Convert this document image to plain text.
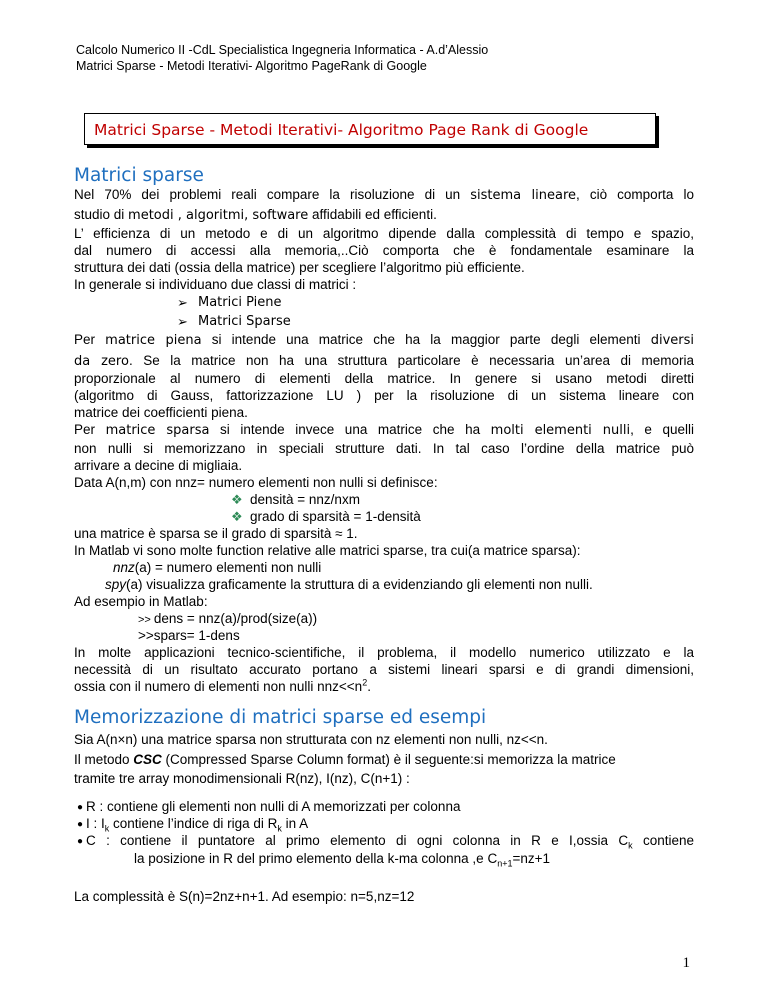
Calcolo Numerico II -CdL Specialistica Ingegneria Informatica - A.d’Alessio
Matrici Sparse - Metodi Iterativi- Algoritmo PageRank di Google
Matrici Sparse - Metodi Iterativi- Algoritmo Page Rank di Google
Matrici sparse
Nel 70% dei problemi reali compare la risoluzione di un sistema lineare, ciò comporta lo
studio di metodi , algoritmi, software affidabili ed efficienti.
L’ efficienza di un metodo e di un algoritmo dipende dalla complessità di tempo e spazio,
dal numero di accessi alla memoria,..Ciò comporta che è fondamentale esaminare la
struttura dei dati (ossia della matrice) per scegliere l’algoritmo più efficiente.
In generale si individuano due classi di matrici :
➢ Matrici Piene
➢ Matrici Sparse
Per matrice piena si intende una matrice che ha la maggior parte degli elementi diversi
da zero. Se la matrice non ha una struttura particolare è necessaria un’area di memoria
proporzionale al numero di elementi della matrice. In genere si usano metodi diretti
(algoritmo di Gauss, fattorizzazione LU ) per la risoluzione di un sistema lineare con
matrice dei coefficienti piena.
Per matrice sparsa si intende invece una matrice che ha molti elementi nulli, e quelli
non nulli si memorizzano in speciali strutture dati. In tal caso l’ordine della matrice può
arrivare a decine di migliaia.
Data A(n,m) con nnz= numero elementi non nulli si definisce:
❖ densità = nnz/nxm
❖ grado di sparsità = 1-densità
una matrice è sparsa se il grado di sparsità ≈ 1.
In Matlab vi sono molte function relative alle matrici sparse, tra cui(a matrice sparsa):
nnz(a) = numero elementi non nulli
spy(a) visualizza graficamente la struttura di a evidenziando gli elementi non nulli.
Ad esempio in Matlab:
>> dens = nnz(a)/prod(size(a))
>>spars= 1-dens
In molte applicazioni tecnico-scientifiche, il problema, il modello numerico utilizzato e la
necessità di un risultato accurato portano a sistemi lineari sparsi e di grandi dimensioni,
ossia con il numero di elementi non nulli $nnz<<n^2$.
Memorizzazione di matrici sparse ed esempi
Sia A(n×n) una matrice sparsa non strutturata con nz elementi non nulli, nz<<n.
Il metodo CSC (Compressed Sparse Column format) è il seguente:si memorizza la matrice
tramite tre array monodimensionali R(nz), I(nz), C(n+1) :
● R : contiene gli elementi non nulli di A memorizzati per colonna
● I : $I_k$ contiene l’indice di riga di $R_k$ in A
● C : contiene il puntatore al primo elemento di ogni colonna in R e I,ossia $C_k$ contiene
la posizione in R del primo elemento della k-ma colonna ,e $C_{n+1}=nz+1$
La complessità è S(n)=2nz+n+1. Ad esempio: n=5,nz=12
1
